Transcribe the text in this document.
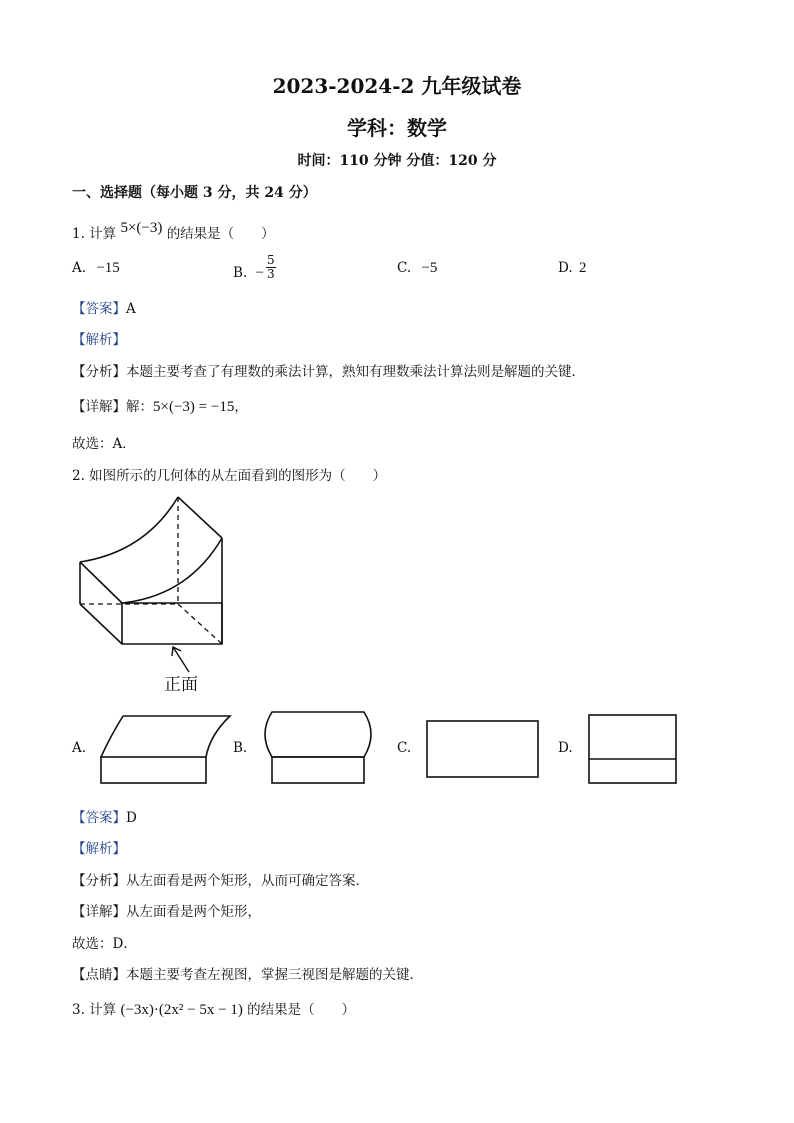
2023-2024-2 九年级试卷
学科：数学
时间：110 分钟 分值：120 分
一、选择题（每小题 3 分，共 24 分）
1. 计算 5×(−3) 的结果是（　　）
A. −15	B. − $\frac{5}{3}$	C. −5	D. 2
【答案】A
【解析】
【分析】本题主要考查了有理数的乘法计算，熟知有理数乘法计算法则是解题的关键．
【详解】解：5×(−3) = −15，
故选：A．
2. 如图所示的几何体的从左面看到的图形为（　　）
正面
A.	B.	C.	D.
【答案】D
【解析】
【分析】从左面看是两个矩形，从而可确定答案．
【详解】从左面看是两个矩形，
故选：D．
【点睛】本题主要考查左视图，掌握三视图是解题的关键．
3. 计算 (−3x)·(2x² − 5x − 1) 的结果是（　　）
